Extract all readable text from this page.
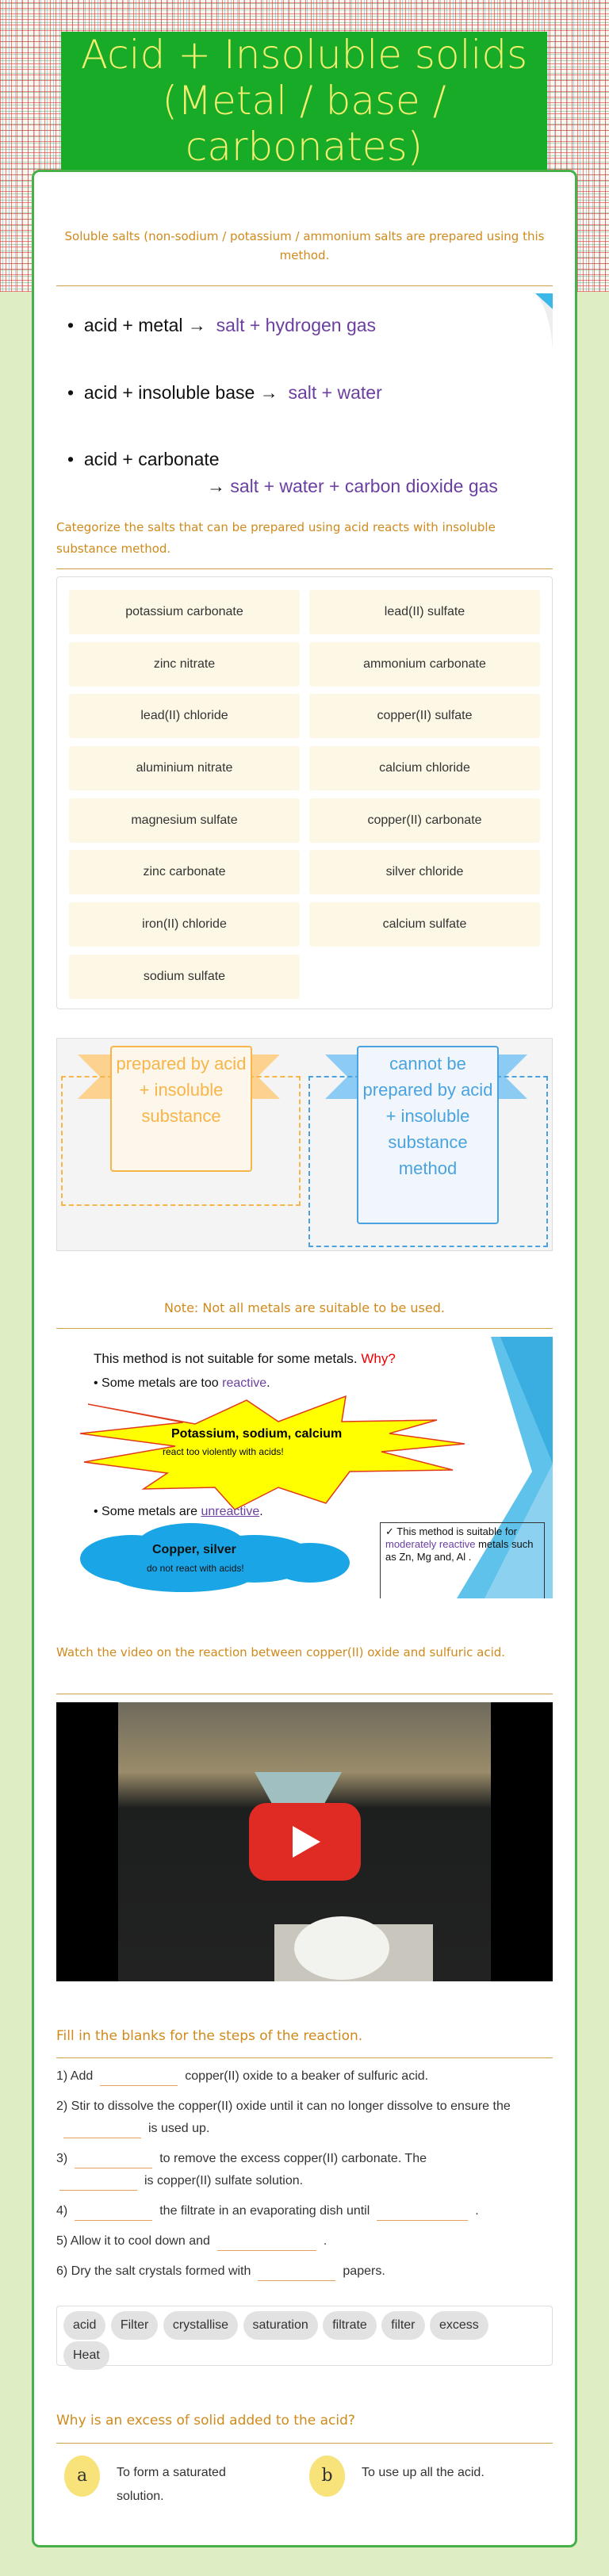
Acid + Insoluble solids
(Metal / base /
carbonates)
Soluble salts (non-sodium / potassium / ammonium salts are prepared using this method.
•  acid + metal → salt + hydrogen gas
•  acid + insoluble base → salt + water
•  acid + carbonate
→ salt + water + carbon dioxide gas
Categorize the salts that can be prepared using acid reacts with insoluble substance method.
potassium carbonate	lead(II) sulfate
zinc nitrate	ammonium carbonate
lead(II) chloride	copper(II) sulfate
aluminium nitrate	calcium chloride
magnesium sulfate	copper(II) carbonate
zinc carbonate	silver chloride
iron(II) chloride	calcium sulfate
sodium sulfate
prepared by acid + insoluble substance
cannot be prepared by acid + insoluble substance method
Note: Not all metals are suitable to be used.
This method is not suitable for some metals. Why?
• Some metals are too reactive.
Potassium, sodium, calcium
react too violently with acids!
• Some metals are unreactive.
Copper, silver
do not react with acids!
✓ This method is suitable for moderately reactive metals such as Zn, Mg and, Al .
Watch the video on the reaction between copper(II) oxide and sulfuric acid.
Fill in the blanks for the steps of the reaction.
1) Add	copper(II) oxide to a beaker of sulfuric acid.
2) Stir to dissolve the copper(II) oxide until it can no longer dissolve to ensure theis used up.
3)	to remove the excess copper(II) carbonate. The
is copper(II) sulfate solution.
4)	the filtrate in an evaporating dish until	.
5) Allow it to cool down and	.
6) Dry the salt crystals formed with	papers.
acid Filter crystallise saturation filtrate filter excess
Heat
Why is an excess of solid added to the acid?
a	To form a saturated solution.
b	To use up all the acid.
